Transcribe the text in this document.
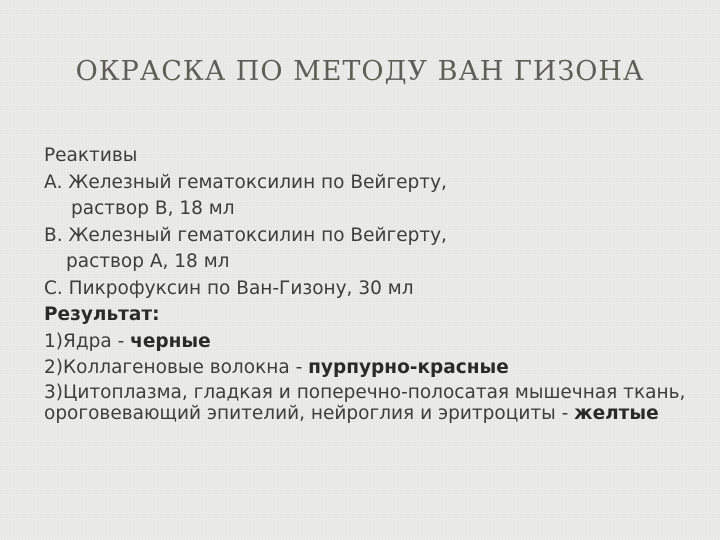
ОКРАСКА ПО МЕТОДУ ВАН ГИЗОНА
Реактивы
А. Железный гематоксилин по Вейгерту,
раствор В, 18 мл
В. Железный гематоксилин по Вейгерту,
раствор А, 18 мл
С. Пикрофуксин по Ван-Гизону, 30 мл
Результат:
1)Ядра - черные
2)Коллагеновые волокна - пурпурно-красные
3)Цитоплазма, гладкая и поперечно-полосатая мышечная ткань, ороговевающий эпителий, нейроглия и эритроциты - желтые
